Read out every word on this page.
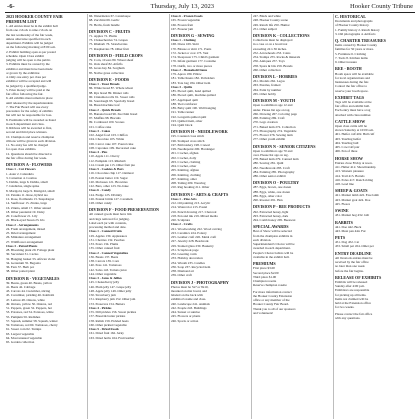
-6-	Thursday, July 13, 2023	Hooker County Tribune
2023 HOOKER COUNTY FAIR
PREMIUM LIST
1. All entries must be in the exhibit hall
from one o'clock to nine o'clock on
the last wednesday of the fair week,
unless otherwise specified in each
department. Exhibits will be judged
on the following morning at 8:00 a.m.
2. Exhibit building open as per posted
schedule. Open Class exhibit
judging will be open to the public.
3. Exhibits must be owned by the
exhibitor and must have been made
or grown by the exhibitor.
4. Only one entry per class per
exhibitor will be accepted and will
be judged by a qualified judge.
5. Prize money will be paid at the
fair office following the fair.
6. All exhibits must remain in place
until released by the superintendent.
7. The Fair Board will use every
precaution for the safety of exhibits
but will not be responsible for loss.
8. Premiums will be awarded as listed
in each department and class.
9. Ribbons will be awarded to first,
second and third place winners.
10. Champion and reserve champion
ribbons will be given in each division.
11. No entry fee will be charged
for open class exhibits.
12. Questions should be directed to
the fair office during fair week.
DIVISION A - FLOWERS
Class 1 - Cut Flowers
1. Aster 2. Calendula
3. Carnation 4. Cosmos
5. Dahlia, large 6. Dahlia, small
7. Gladiolus, single spike
8. Marigold, large 9. Marigold, small
10. Petunia 11. Rose, hybrid tea
12. Rose, floribunda 13. Snapdragon
14. Sunflower 15. Zinnia, large
16. Zinnia, small 17. Other annual
18. Other perennial 19. Daisy
20. Coneflower 21. Lily
22. Black-eyed Susan 23. Iris
Class 2 - Arrangements
24. Fresh arrangement, mixed
25. Dried arrangement
26. Miniature arrangement
27. Wildflower arrangement
Class 3 - Potted Plants
28. Blooming plant 29. Foliage plant
30. Succulent 31. Cactus
32. Hanging basket 33. African violet
34. Geranium 35. Begonia
36. Fern 37. Herb pot
38. Other potted plant
DIVISION B - VEGETABLES
39. Beans, green 40. Beans, yellow
41. Beets 42. Cabbage
43. Carrots 44. Cucumber, slicing
45. Cucumber, pickling 46. Kohlrabi
47. Lettuce 48. Onions, white
49. Onions, yellow 50. Onions, red
51. Peppers, green 52. Peppers, hot
53. Potatoes, red 54. Potatoes, white
55. Pumpkin 56. Radishes
57. Squash, summer 58. Squash, winter
59. Tomatoes, red 60. Tomatoes, cherry
61. Sweet corn 62. Turnips
63. Largest vegetable
64. Most unusual vegetable
65. Garden collection
66. Watermelon 67. Cantaloupe
68. Zucchini 69. Garlic
70. Herbs, fresh bundle
DIVISION C - FRUITS
71. Apples 72. Plums
73. Chokecherries 74. Grapes
75. Rhubarb 76. Strawberries
77. Raspberries 78. Other fruit
DIVISION D - FIELD CROPS
79. Corn, 10 ears 80. Wheat sheaf
81. Oats sheaf 82. Alfalfa
83. Grass hay 84. Sorghum
85. Native grass collection
DIVISION E - FOODS
Class 1 - Yeast Breads
86. White bread 87. Whole wheat
88. Rye bread 89. Dinner rolls
90. Cinnamon rolls 91. Sweet rolls
92. Sourdough 93. Specialty bread
94. Bread machine loaf
Class 2 - Quick Breads
95. Banana bread 96. Zucchini bread
97. Muffins 98. Biscuits
99. Cornbread 100. Scones
101. Coffee cake
Class 3 - Cakes
102. Angel food 103. Chiffon
104. Chocolate 105. White
106. Carrot cake 107. Pound cake
108. Cupcakes 109. Decorated cake
Class 4 - Pies
110. Apple 111. Cherry
112. Pumpkin 113. Rhubarb
114. Cream pie 115. Other fruit pie
Class 5 - Cookies & Bars
116. Chocolate chip 117. Oatmeal
118. Peanut butter 119. Sugar
120. Molasses 121. Brownies
122. Bars, other 123. No-bake
Class 6 - Candy
124. Fudge 125. Divinity
126. Peanut brittle 127. Caramels
128. Other candy
DIVISION F - FOOD PRESERVATION
All canned goods must have lids
and rings removed for judging.
Label each jar with contents,
processing method and date.
Class 1 - Canned Fruits
129. Apples 130. Applesauce
131. Cherries 132. Peaches
133. Pears 134. Plums
135. Other canned fruit
Class 2 - Canned Vegetables
136. Beans 137. Beets
138. Carrots 139. Corn
140. Peas 141. Tomatoes
142. Salsa 143. Tomato juice
144. Other vegetable
Class 3 - Jams & Jellies
145. Chokecherry jelly
146. Plum jelly 147. Grape jelly
148. Apple jelly 149. Other jelly
150. Strawberry jam
151. Raspberry jam 152. Other jam
153. Preserves 154. Butters
Class 4 - Pickles
155. Dill pickles 156. Sweet pickles
157. Bread & butter pickles
158. Relish 159. Pickled beets
160. Other pickled vegetable
Class 5 - Dried Foods
161. Dried fruit 162. Jerky
163. Dried herbs 164. Fruit leather
Class 6 - Frozen Foods
165. Frozen vegetable
166. Frozen fruit
167. Freezer jam
DIVISION G - SEWING
Class 1 - Clothing
168. Dress 169. Skirt
170. Blouse or shirt 171. Pants
172. Jacket or coat 173. Vest
174. Sleepwear 175. Child's garment
176. Infant garment 177. Costume
178. Outfit, two or more pieces
Class 2 - Household Items
179. Apron 180. Pillow
181. Table linens 182. Potholders
183. Tote bag 184. Other item
Class 3 - Quilts
185. Pieced quilt, hand quilted
186. Pieced quilt, machine quilted
187. Appliqued quilt
188. Tied comforter
189. Baby quilt 190. Wall hanging
191. Table runner
192. Longarm quilted quilt
193. Quilted item, other
194. Quilt block
DIVISION H - NEEDLEWORK
195. Counted cross stitch
196. Stamped cross stitch
197. Embroidery 198. Crewel
199. Needlepoint 200. Hardanger
201. Crochet, afghan
202. Crochet, doily
203. Crochet, clothing
204. Crochet, other
205. Knitting, afghan
206. Knitting, clothing
207. Knitting, other
208. Tatting 209. Weaving
210. Rug hooking 211. Other
DIVISION I - ARTS & CRAFTS
Class 1 - Fine Arts
212. Oil painting 213. Acrylic
214. Watercolor 215. Pastel
216. Pencil drawing 217. Charcoal
218. Pen and ink 219. Mixed media
220. Sculpture
Class 2 - Crafts
221. Woodworking 222. Wood carving
223. Ceramics 224. Pottery
225. Leather craft 226. Metal craft
227. Jewelry 228. Beadwork
229. Stained glass 230. Basketry
231. Scrapbook page
232. Greeting cards
233. Holiday decoration
234. Wreath 235. Candles
236. Soap 237. Recycled item
238. Diamond art
239. Other craft
DIVISION J - PHOTOGRAPHY
Photos must be 5x7 or 8x10,
mounted on mat board, and
labeled on the back with
exhibitor's name and class.
240. Landscape 241. Animals
242. People 243. Buildings
244. Sunset or sunrise
245. Flowers or plants
246. Sports or action
247. Black and white
248. Hooker County scene
249. Ranch life 250. Humor
251. Other subject
DIVISION K - COLLECTIONS
Collections must be displayed
in a case or on a board not
exceeding 24 x 36 inches.
252. Arrowheads 253. Coins
254. Stamps 255. Rocks & minerals
256. Antiques 257. Toys
258. Spurs & bits 259. Brands
260. Other collection
DIVISION L - HOBBIES
261. Models 262. Legos
263. Puzzles, framed
264. Paint by number
265. Other hobby
DIVISION M - YOUTH
Open to exhibitors age 12 and
under. Please list age on tag.
266. Drawing 267. Coloring page
268. Painting 269. Craft
270. Lego creation
271. Baked item 272. Collection
273. Photography 274. Vegetable
275. Flower 276. Sewing item
277. Other youth exhibit
DIVISION N - SENIOR CITIZENS
Open to exhibitors age 70 and
over. Please list age on tag.
278. Baked item 279. Canned item
280. Sewing 281. Quilt
282. Needlework 283. Craft
284. Painting 285. Photography
286. Other senior exhibit
DIVISION O - POULTRY
287. Eggs, brown, one dozen
288. Eggs, white, one dozen
289. Eggs, other color
290. Rooster 291. Hen
DIVISION P - BEE PRODUCTS
292. Extracted honey, light
293. Extracted honey, dark
294. Comb honey 295. Beeswax
SPECIAL AWARDS
Best of Show will be selected
from the champion exhibits in
each division.
Superintendent's Choice will be
awarded in each department.
People's Choice ballots will be
available in the exhibit hall.
PREMIUMS
First place $3.00
Second place $2.00
Third place $1.00
Champion rosette
Reserve champion rosette
For more information contact
the Hooker County Extension
office or any member of the
Hooker County Fair Board.
Thank you to all of our sponsors
and volunteers!
C. HISTORICAL
Documents and photographs
of Hooker County history.
1. Family history 2. Ranch history
3. Old photographs 4. Artifacts
Q. CHARTER TREASURES
Items owned by Hooker County
families for 50 years or more.
5. Furniture 6. Clothing
7. Tools 8. Kitchen items
9. Other treasure
REE - BOOTH
Booth space will be available
for local organizations and
businesses during the fair.
Contact the fair office to
reserve your booth space.
EXHIBIT TAGS
Tags will be available at the
fair office and exhibit hall.
Each entry must have a tag
attached with class number.
CATTLE SHOW
Open class cattle will be
shown Saturday at 10:00 a.m.
401. Heifer calf 402. Bull calf
403. Yearling heifer
404. Yearling bull
405. Cow/calf pair
406. Pen of three
HORSE SHOW
Entries close Friday at noon.
411. Halter 412. Showmanship
413. Western pleasure
414. Trail 415. Barrels
416. Poles 417. Ranch riding
418. Lead line
SHEEP & GOATS
421. Market lamb 422. Ewe lamb
423. Market goat 424. Doe
425. Fleece
SWINE
431. Market hog 432. Gilt
RABBITS
441. Doe 442. Buck
443. Meat pen 444. Fur
PETS
451. Dog 452. Cat
453. Small pet 454. Other pet
ENTRY DEADLINE
All livestock entries must be
received by the fair office
no later than one week
before the fair begins.
RELEASE OF EXHIBITS
Exhibits will be released
Sunday after 4:00 p.m.
Exhibitors are responsible
for picking up all items.
Items not claimed will be
held at the Extension office
for two weeks.
Please contact the fair office
with any questions.
